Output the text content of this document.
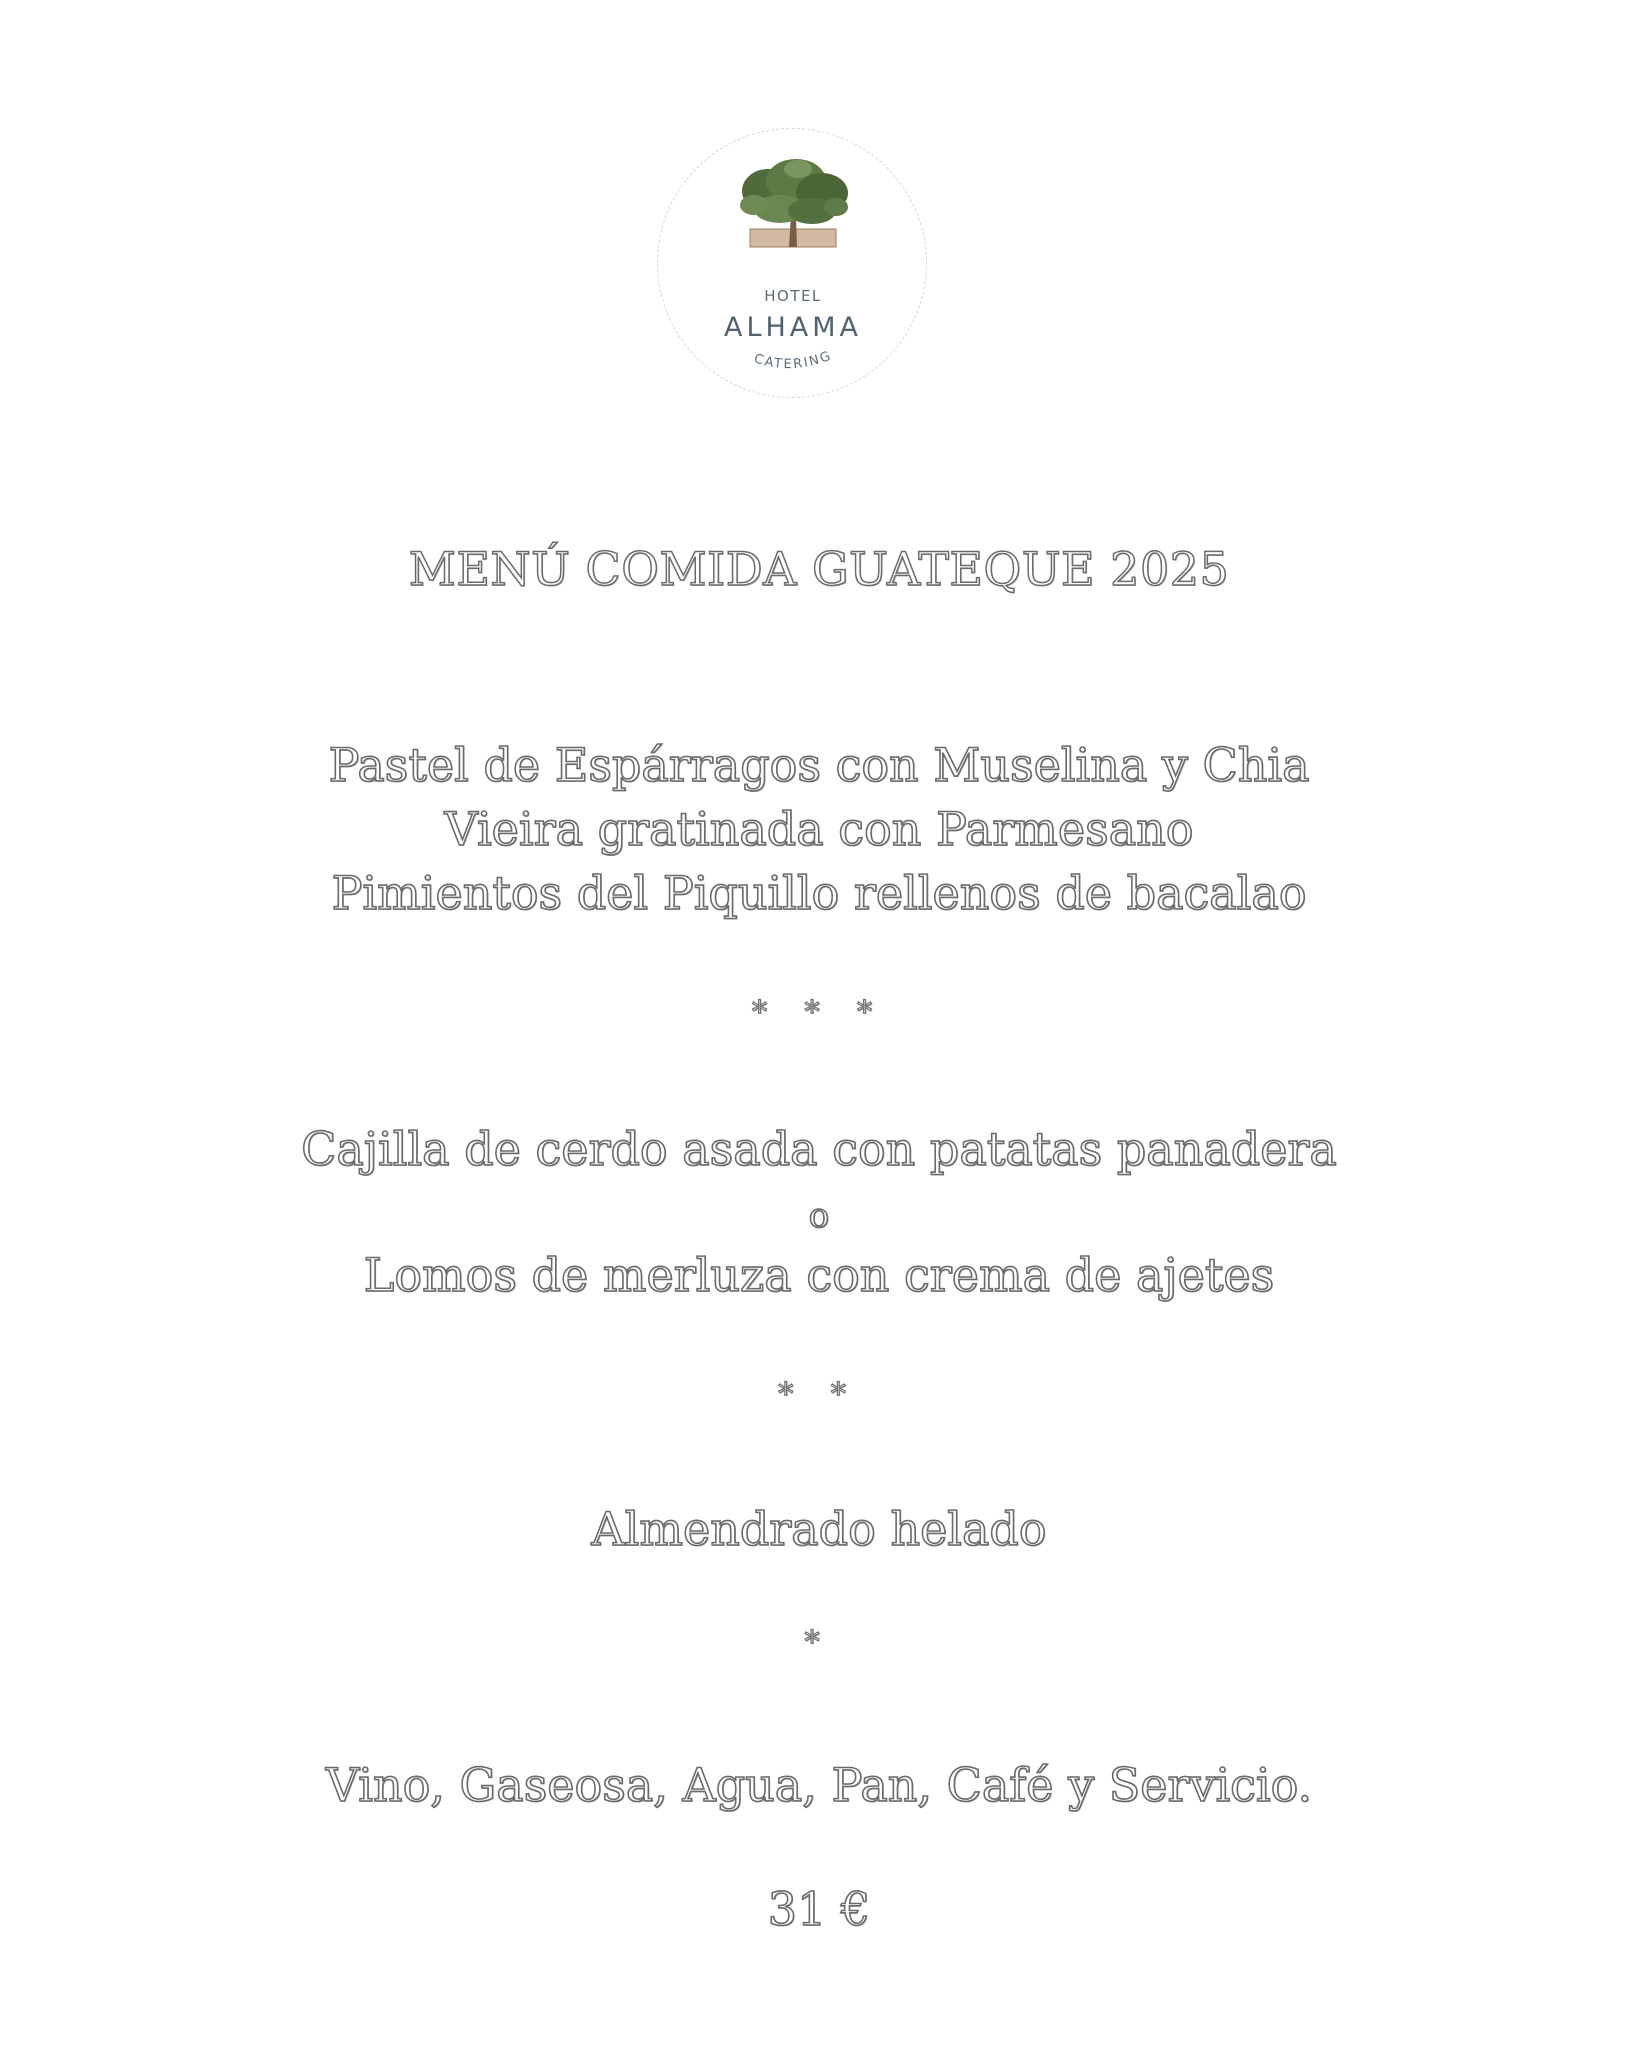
CATERING
HOTEL
ALHAMA
MENÚ COMIDA GUATEQUE 2025
Pastel de Espárragos con Muselina y Chia
Vieira gratinada con Parmesano
Pimientos del Piquillo rellenos de bacalao
* * *
Cajilla de cerdo asada con patatas panadera
o
Lomos de merluza con crema de ajetes
* *
Almendrado helado
*
Vino, Gaseosa, Agua, Pan, Café y Servicio.
31 €
